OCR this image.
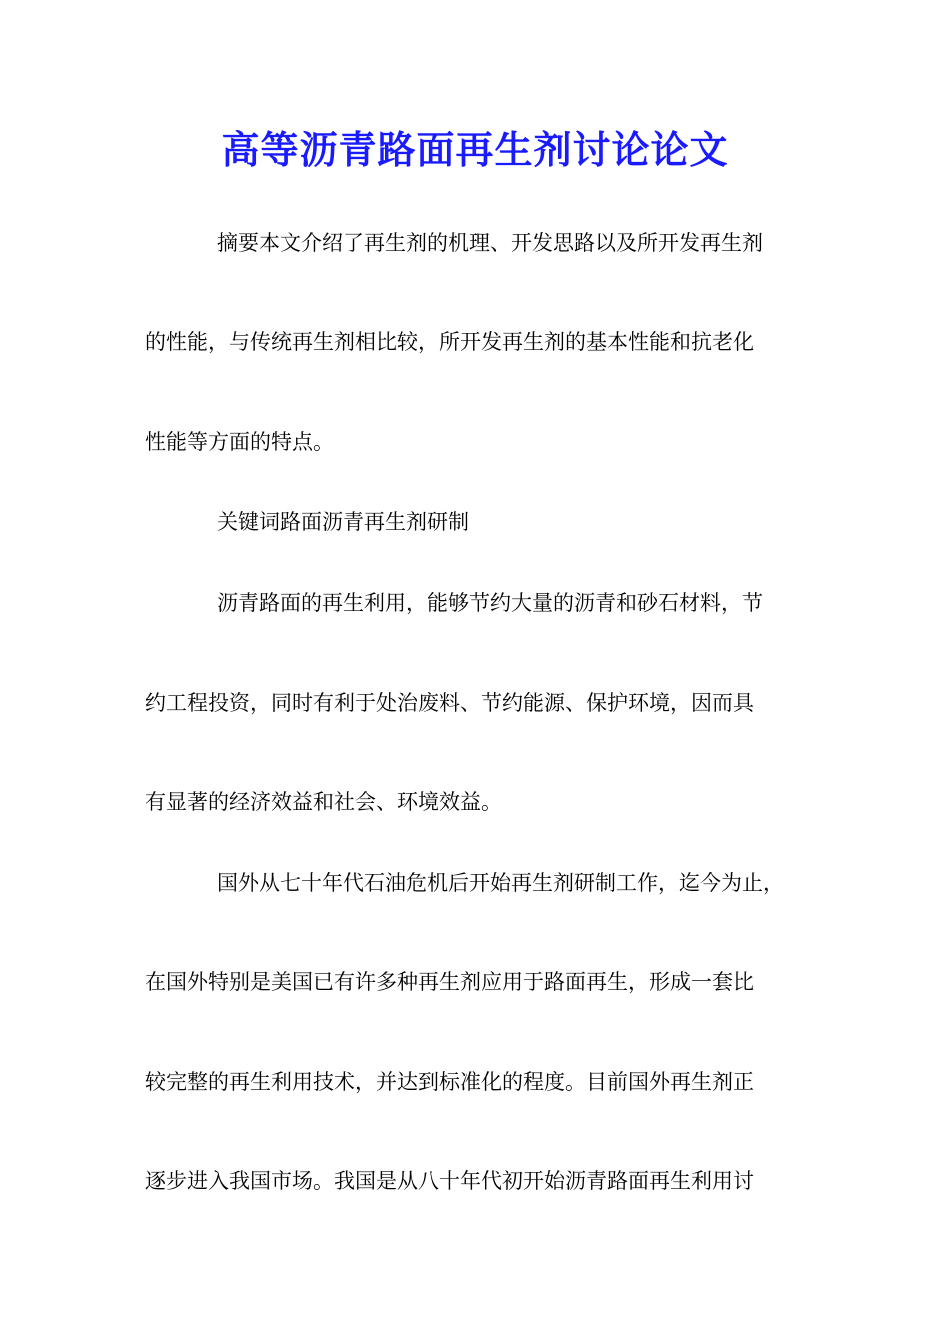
高等沥青路面再生剂讨论论文
摘要本文介绍了再生剂的机理、开发思路以及所开发再生剂
的性能，与传统再生剂相比较，所开发再生剂的基本性能和抗老化
性能等方面的特点。
关键词路面沥青再生剂研制
沥青路面的再生利用，能够节约大量的沥青和砂石材料，节
约工程投资，同时有利于处治废料、节约能源、保护环境，因而具
有显著的经济效益和社会、环境效益。
国外从七十年代石油危机后开始再生剂研制工作，迄今为止，
在国外特别是美国已有许多种再生剂应用于路面再生，形成一套比
较完整的再生利用技术，并达到标准化的程度。目前国外再生剂正
逐步进入我国市场。我国是从八十年代初开始沥青路面再生利用讨
